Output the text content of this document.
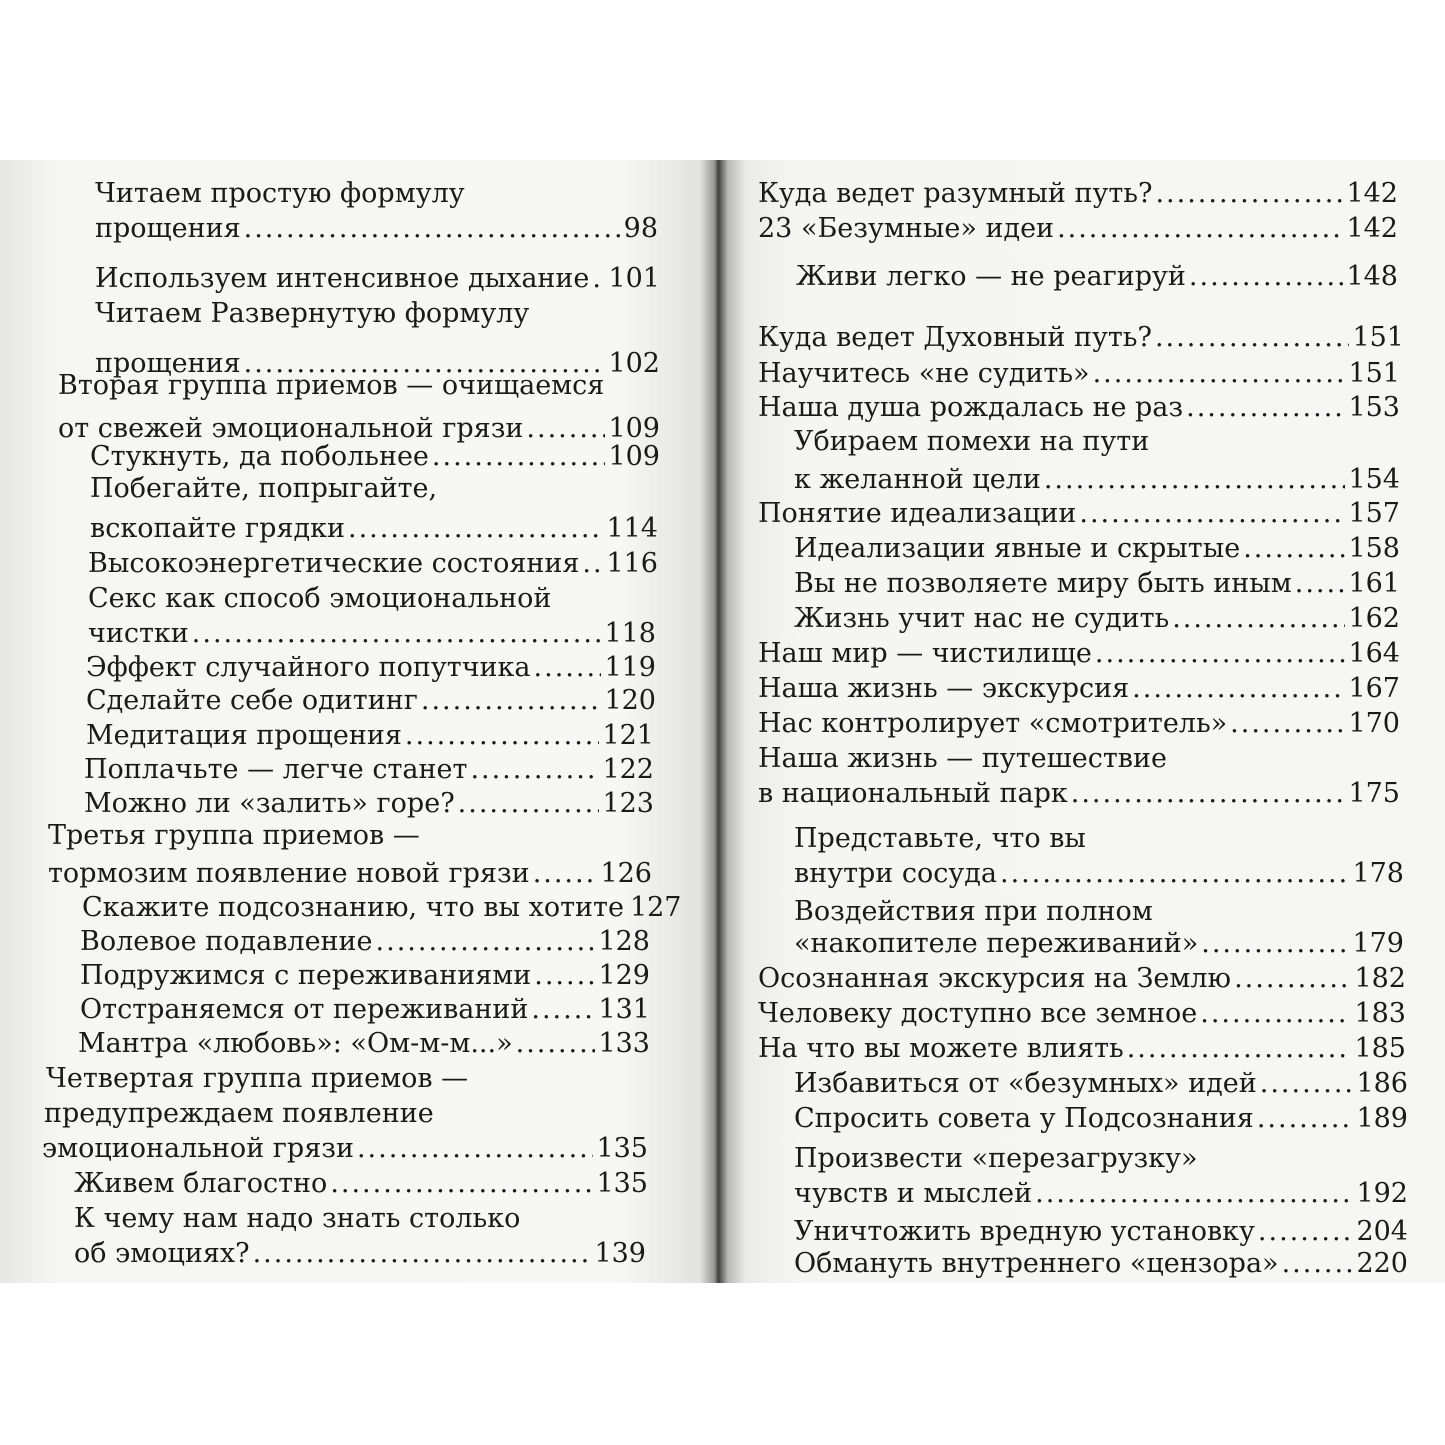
Читаем простую формулу
прощения .....	98
Используем интенсивное дыхание ..... 101
Читаем Развернутую формулу
прощения .....	102
Вторая группа приемов — очищаемся
от свежей эмоциональной грязи .....	109
Стукнуть, да побольнее .....	109
Побегайте, попрыгайте,
вскопайте грядки .....	114
Высокоэнергетические состояния ..... 116
Секс как способ эмоциональной
чистки .....	118
Эффект случайного попутчика .....	119
Сделайте себе одитинг .....	120
Медитация прощения .....	121
Поплачьте — легче станет .....	122
Можно ли «залить» горе? .....	123
Третья группа приемов —
тормозим появление новой грязи .....	126
Скажите подсознанию, что вы хотите 127
Волевое подавление .....	128
Подружимся с переживаниями ..... 129
Отстраняемся от переживаний .....	131
Мантра «любовь»: «Ом-м-м...» .....	133
Четвертая группа приемов —
предупреждаем появление
эмоциональной грязи .....	135
Живем благостно .....	135
К чему нам надо знать столько
об эмоциях? .....	139
Куда ведет разумный путь? .....	142
23 «Безумные» идеи .....	142
Живи легко — не реагируй .....	148
Куда ведет Духовный путь? .....	151
Научитесь «не судить» .....	151
Наша душа рождалась не раз .....	153
Убираем помехи на пути
к желанной цели .....	154
Понятие идеализации .....	157
Идеализации явные и скрытые .....	158
Вы не позволяете миру быть иным ..... 161
Жизнь учит нас не судить .....	162
Наш мир — чистилище .....	164
Наша жизнь — экскурсия .....	167
Нас контролирует «смотритель» .....	170
Наша жизнь — путешествие
в национальный парк .....	175
Представьте, что вы
внутри сосуда .....	178
Воздействия при полном
«накопителе переживаний» .....	179
Осознанная экскурсия на Землю .....	182
Человеку доступно все земное .....	183
На что вы можете влиять .....	185
Избавиться от «безумных» идей .....	186
Спросить совета у Подсознания .....	189
Произвести «перезагрузку»
чувств и мыслей .....	192
Уничтожить вредную установку .....	204
Обмануть внутреннего «цензора» .....	220
